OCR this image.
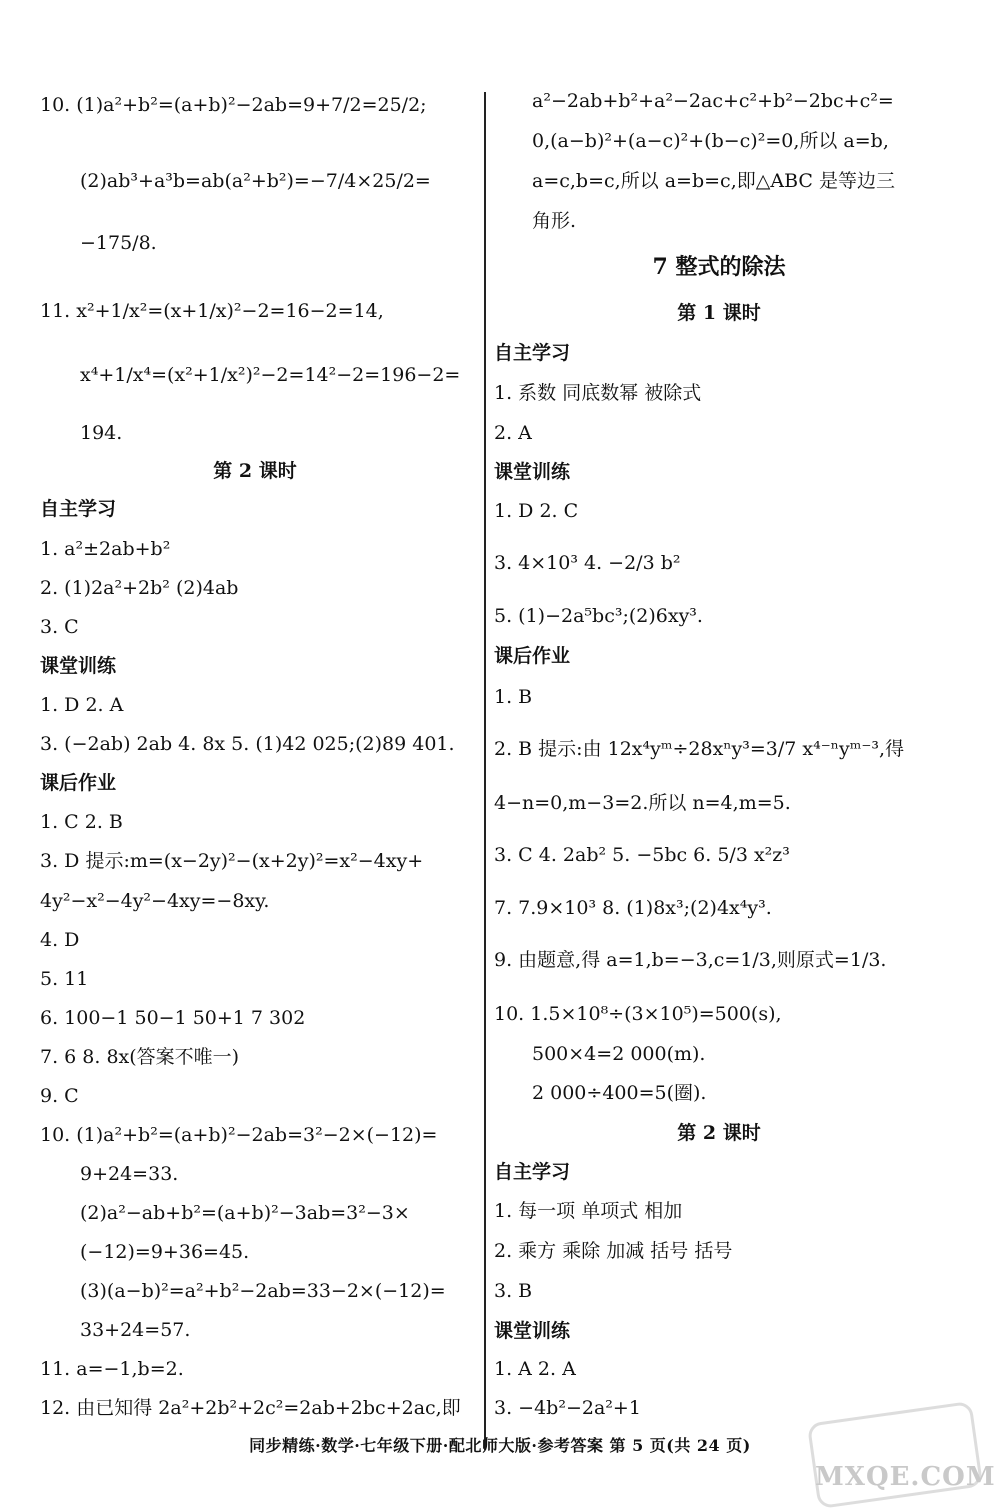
10. (1)a²+b²=(a+b)²−2ab=9+7/2=25/2;
(2)ab³+a³b=ab(a²+b²)=−7/4×25/2=
−175/8.
11. x²+1/x²=(x+1/x)²−2=16−2=14,
x⁴+1/x⁴=(x²+1/x²)²−2=14²−2=196−2=
194.
第 2 课时
自主学习
1. a²±2ab+b²
2. (1)2a²+2b² (2)4ab
3. C
课堂训练
1. D 2. A
3. (−2ab) 2ab 4. 8x 5. (1)42 025;(2)89 401.
课后作业
1. C 2. B
3. D 提示:m=(x−2y)²−(x+2y)²=x²−4xy+
4y²−x²−4y²−4xy=−8xy.
4. D
5. 11
6. 100−1 50−1 50+1 7 302
7. 6 8. 8x(答案不唯一)
9. C
10. (1)a²+b²=(a+b)²−2ab=3²−2×(−12)=
9+24=33.
(2)a²−ab+b²=(a+b)²−3ab=3²−3×
(−12)=9+36=45.
(3)(a−b)²=a²+b²−2ab=33−2×(−12)=
33+24=57.
11. a=−1,b=2.
12. 由已知得 2a²+2b²+2c²=2ab+2bc+2ac,即
a²−2ab+b²+a²−2ac+c²+b²−2bc+c²=
0,(a−b)²+(a−c)²+(b−c)²=0,所以 a=b,
a=c,b=c,所以 a=b=c,即△ABC 是等边三
角形.
7 整式的除法
第 1 课时
自主学习
1. 系数 同底数幂 被除式
2. A
课堂训练
1. D 2. C
3. 4×10³ 4. −2/3 b²
5. (1)−2a⁵bc³;(2)6xy³.
课后作业
1. B
2. B 提示:由 12x⁴yᵐ÷28xⁿy³=3/7 x⁴⁻ⁿyᵐ⁻³,得
4−n=0,m−3=2.所以 n=4,m=5.
3. C 4. 2ab² 5. −5bc 6. 5/3 x²z³
7. 7.9×10³ 8. (1)8x³;(2)4x⁴y³.
9. 由题意,得 a=1,b=−3,c=1/3,则原式=1/3.
10. 1.5×10⁸÷(3×10⁵)=500(s),
500×4=2 000(m).
2 000÷400=5(圈).
第 2 课时
自主学习
1. 每一项 单项式 相加
2. 乘方 乘除 加减 括号 括号
3. B
课堂训练
1. A 2. A
3. −4b²−2a²+1
同步精练·数学·七年级下册·配北师大版·参考答案 第 5 页(共 24 页)
MXQE.COM
